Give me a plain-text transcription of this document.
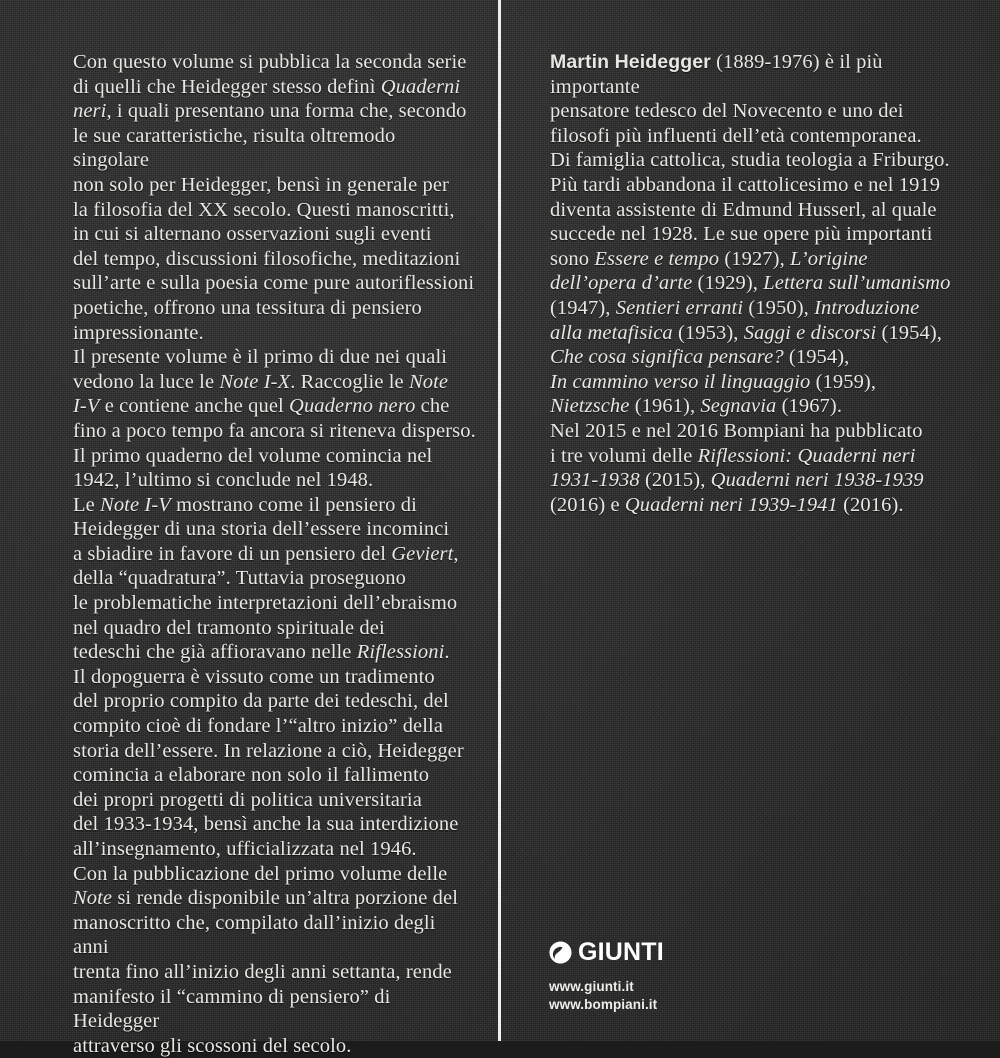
Con questo volume si pubblica la seconda serie
di quelli che Heidegger stesso definì Quaderni
neri, i quali presentano una forma che, secondo
le sue caratteristiche, risulta oltremodo singolare
non solo per Heidegger, bensì in generale per
la filosofia del XX secolo. Questi manoscritti,
in cui si alternano osservazioni sugli eventi
del tempo, discussioni filosofiche, meditazioni
sull’arte e sulla poesia come pure autoriflessioni
poetiche, offrono una tessitura di pensiero
impressionante.

Il presente volume è il primo di due nei quali
vedono la luce le Note I-X. Raccoglie le Note
I-V e contiene anche quel Quaderno nero che
fino a poco tempo fa ancora si riteneva disperso.
Il primo quaderno del volume comincia nel
1942, l’ultimo si conclude nel 1948.

Le Note I-V mostrano come il pensiero di
Heidegger di una storia dell’essere incominci
a sbiadire in favore di un pensiero del Geviert,
della “quadratura”. Tuttavia proseguono
le problematiche interpretazioni dell’ebraismo
nel quadro del tramonto spirituale dei
tedeschi che già affioravano nelle Riflessioni.

Il dopoguerra è vissuto come un tradimento
del proprio compito da parte dei tedeschi, del
compito cioè di fondare l’“altro inizio” della
storia dell’essere. In relazione a ciò, Heidegger
comincia a elaborare non solo il fallimento
dei propri progetti di politica universitaria
del 1933-1934, bensì anche la sua interdizione
all’insegnamento, ufficializzata nel 1946.

Con la pubblicazione del primo volume delle
Note si rende disponibile un’altra porzione del
manoscritto che, compilato dall’inizio degli anni
trenta fino all’inizio degli anni settanta, rende
manifesto il “cammino di pensiero” di Heidegger
attraverso gli scossoni del secolo.

Martin Heidegger (1889-1976) è il più importante
pensatore tedesco del Novecento e uno dei
filosofi più influenti dell’età contemporanea.
Di famiglia cattolica, studia teologia a Friburgo.
Più tardi abbandona il cattolicesimo e nel 1919
diventa assistente di Edmund Husserl, al quale
succede nel 1928. Le sue opere più importanti
sono Essere e tempo (1927), L’origine
dell’opera d’arte (1929), Lettera sull’umanismo
(1947), Sentieri erranti (1950), Introduzione
alla metafisica (1953), Saggi e discorsi (1954),
Che cosa significa pensare? (1954),
In cammino verso il linguaggio (1959),
Nietzsche (1961), Segnavia (1967).
Nel 2015 e nel 2016 Bompiani ha pubblicato
i tre volumi delle Riflessioni: Quaderni neri
1931-1938 (2015), Quaderni neri 1938-1939
(2016) e Quaderni neri 1939-1941 (2016).

GIUNTI
www.giunti.it
www.bompiani.it
